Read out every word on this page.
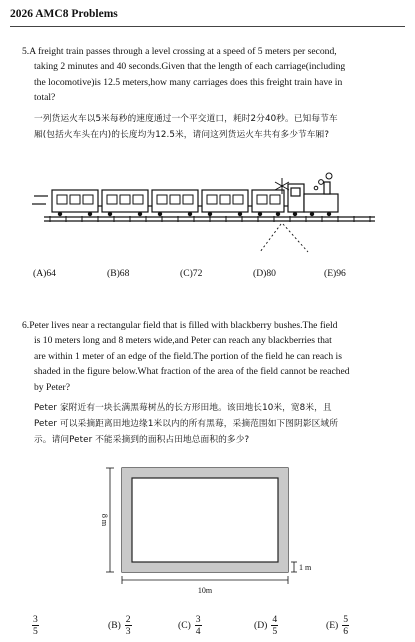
2026 AMC8 Problems
5.A freight train passes through a level crossing at a speed of 5 meters per second,
taking 2 minutes and 40 seconds.Given that the length of each carriage(including
the locomotive)is 12.5 meters,how many carriages does this freight train have in
total?
一列货运火车以5米每秒的速度通过一个平交道口，耗时2分40秒。已知每节车
厢(包括火车头在内)的长度均为12.5米，请问这列货运火车共有多少节车厢?
(A)64	(B)68	(C)72	(D)80	(E)96
6.Peter lives near a rectangular field that is filled with blackberry bushes.The field
is 10 meters long and 8 meters wide,and Peter can reach any blackberries that
are within 1 meter of an edge of the field.The portion of the field he can reach is
shaded in the figure below.What fraction of the area of the field cannot be reached
by Peter?
Peter 家附近有一块长满黑莓树丛的长方形田地。该田地长10米，宽8米，且
Peter 可以采摘距离田地边缘1米以内的所有黑莓，采摘范围如下图阴影区域所
示。请问Peter 不能采摘到的面积占田地总面积的多少?
8 m
10m
1 m
$\frac{3}{5}$	$(B) \frac{2}{3}$	$(C) \frac{3}{4}$	$(D) \frac{4}{5}$	$(E) \frac{5}{6}$
